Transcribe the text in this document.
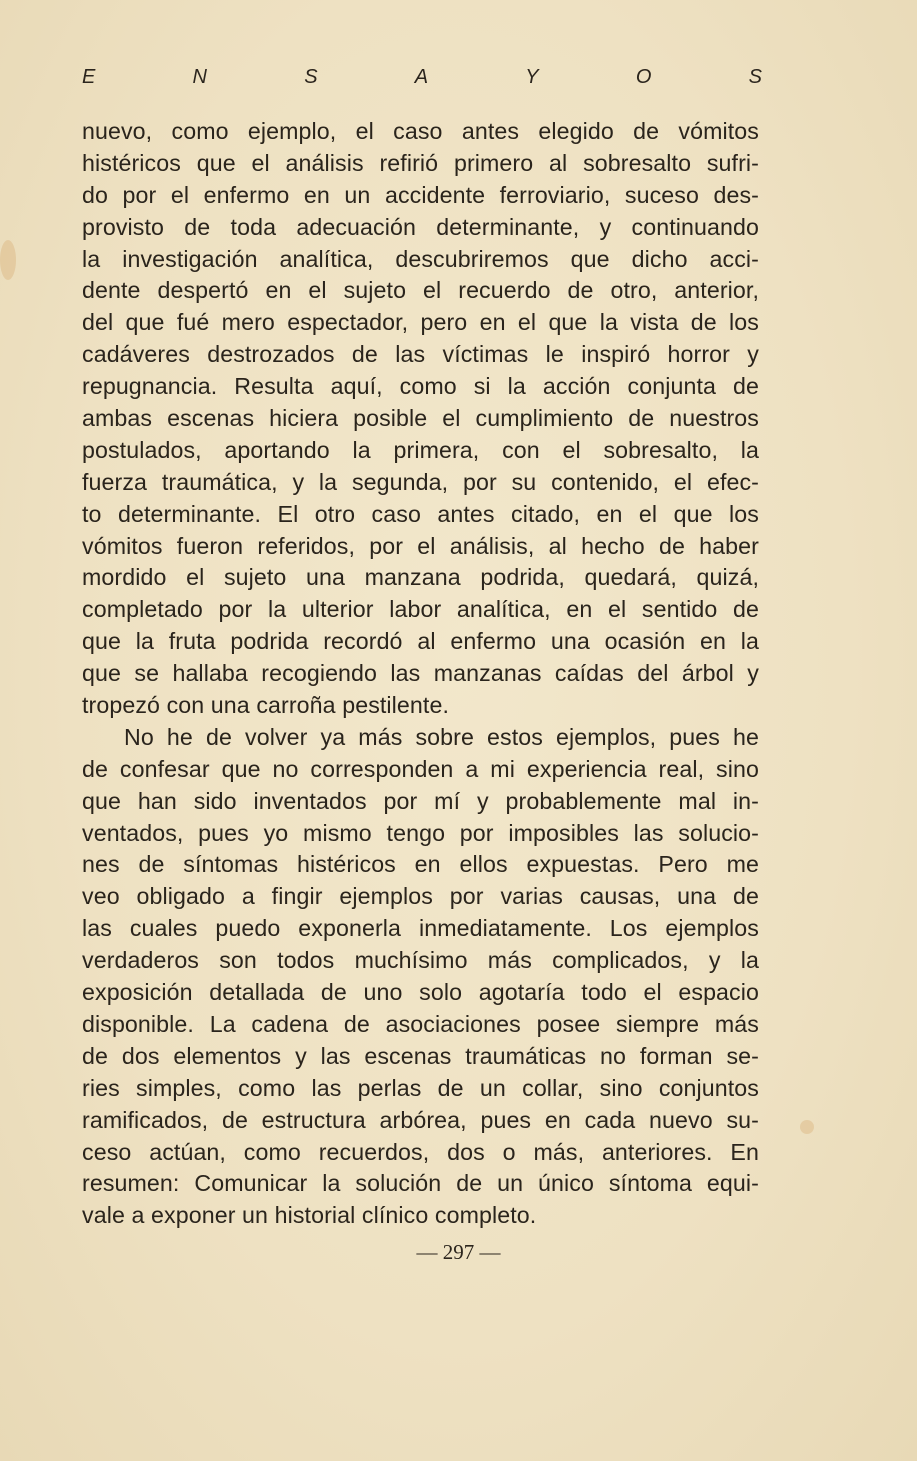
E	N	S	A	Y	O	S
nuevo, como ejemplo, el caso antes elegido de vómitos
histéricos que el análisis refirió primero al sobresalto sufri-
do por el enfermo en un accidente ferroviario, suceso des-
provisto de toda adecuación determinante, y continuando
la investigación analítica, descubriremos que dicho acci-
dente despertó en el sujeto el recuerdo de otro, anterior,
del que fué mero espectador, pero en el que la vista de los
cadáveres destrozados de las víctimas le inspiró horror y
repugnancia. Resulta aquí, como si la acción conjunta de
ambas escenas hiciera posible el cumplimiento de nuestros
postulados, aportando la primera, con el sobresalto, la
fuerza traumática, y la segunda, por su contenido, el efec-
to determinante. El otro caso antes citado, en el que los
vómitos fueron referidos, por el análisis, al hecho de haber
mordido el sujeto una manzana podrida, quedará, quizá,
completado por la ulterior labor analítica, en el sentido de
que la fruta podrida recordó al enfermo una ocasión en la
que se hallaba recogiendo las manzanas caídas del árbol y
tropezó con una carroña pestilente.
No he de volver ya más sobre estos ejemplos, pues he
de confesar que no corresponden a mi experiencia real, sino
que han sido inventados por mí y probablemente mal in-
ventados, pues yo mismo tengo por imposibles las solucio-
nes de síntomas histéricos en ellos expuestas. Pero me
veo obligado a fingir ejemplos por varias causas, una de
las cuales puedo exponerla inmediatamente. Los ejemplos
verdaderos son todos muchísimo más complicados, y la
exposición detallada de uno solo agotaría todo el espacio
disponible. La cadena de asociaciones posee siempre más
de dos elementos y las escenas traumáticas no forman se-
ries simples, como las perlas de un collar, sino conjuntos
ramificados, de estructura arbórea, pues en cada nuevo su-
ceso actúan, como recuerdos, dos o más, anteriores. En
resumen: Comunicar la solución de un único síntoma equi-
vale a exponer un historial clínico completo.
— 297 —
